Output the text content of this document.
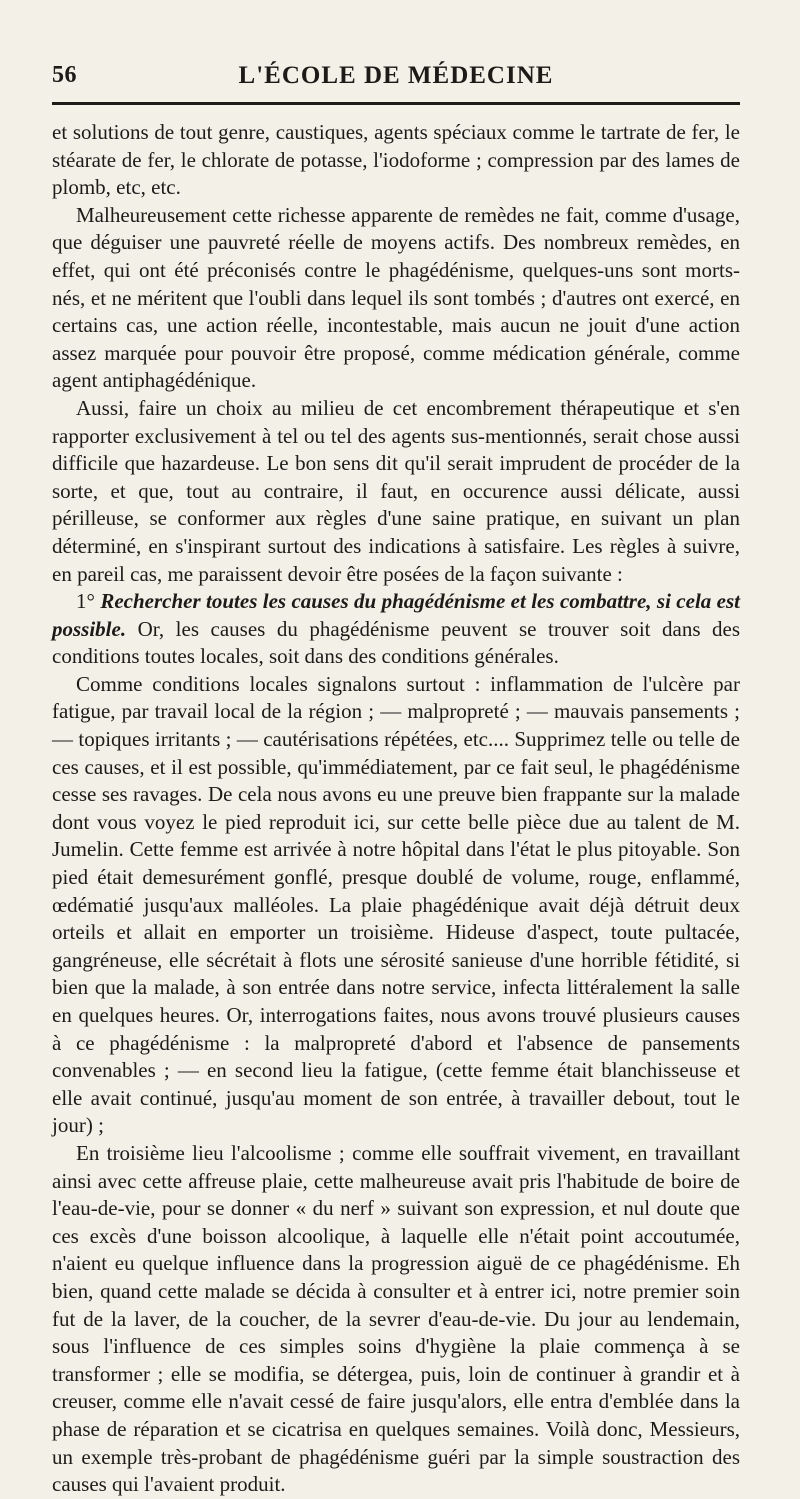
56	L'ÉCOLE DE MÉDECINE

et solutions de tout genre, caustiques, agents spéciaux comme le tartrate de fer, le stéarate de fer, le chlorate de potasse, l'iodoforme ; compression par des lames de plomb, etc, etc.

Malheureusement cette richesse apparente de remèdes ne fait, comme d'usage, que déguiser une pauvreté réelle de moyens actifs. Des nombreux remèdes, en effet, qui ont été préconisés contre le phagédénisme, quelques-uns sont morts-nés, et ne méritent que l'oubli dans lequel ils sont tombés ; d'autres ont exercé, en certains cas, une action réelle, incontestable, mais aucun ne jouit d'une action assez marquée pour pouvoir être proposé, comme médication générale, comme agent antiphagédénique.

Aussi, faire un choix au milieu de cet encombrement thérapeutique et s'en rapporter exclusivement à tel ou tel des agents sus-mentionnés, serait chose aussi difficile que hazardeuse. Le bon sens dit qu'il serait imprudent de procéder de la sorte, et que, tout au contraire, il faut, en occurence aussi délicate, aussi périlleuse, se conformer aux règles d'une saine pratique, en suivant un plan déterminé, en s'inspirant surtout des indications à satisfaire. Les règles à suivre, en pareil cas, me paraissent devoir être posées de la façon suivante :

1° Rechercher toutes les causes du phagédénisme et les combattre, si cela est possible. Or, les causes du phagédénisme peuvent se trouver soit dans des conditions toutes locales, soit dans des conditions générales.

Comme conditions locales signalons surtout : inflammation de l'ulcère par fatigue, par travail local de la région ; — malpropreté ; — mauvais pansements ; — topiques irritants ; — cautérisations répétées, etc.... Supprimez telle ou telle de ces causes, et il est possible, qu'immédiatement, par ce fait seul, le phagédénisme cesse ses ravages. De cela nous avons eu une preuve bien frappante sur la malade dont vous voyez le pied reproduit ici, sur cette belle pièce due au talent de M. Jumelin. Cette femme est arrivée à notre hôpital dans l'état le plus pitoyable. Son pied était demesurément gonflé, presque doublé de volume, rouge, enflammé, œdématié jusqu'aux malléoles. La plaie phagédénique avait déjà détruit deux orteils et allait en emporter un troisième. Hideuse d'aspect, toute pultacée, gangréneuse, elle sécrétait à flots une sérosité sanieuse d'une horrible fétidité, si bien que la malade, à son entrée dans notre service, infecta littéralement la salle en quelques heures. Or, interrogations faites, nous avons trouvé plusieurs causes à ce phagédénisme : la malpropreté d'abord et l'absence de pansements convenables ; — en second lieu la fatigue, (cette femme était blanchisseuse et elle avait continué, jusqu'au moment de son entrée, à travailler debout, tout le jour) ;

En troisième lieu l'alcoolisme ; comme elle souffrait vivement, en travaillant ainsi avec cette affreuse plaie, cette malheureuse avait pris l'habitude de boire de l'eau-de-vie, pour se donner « du nerf » suivant son expression, et nul doute que ces excès d'une boisson alcoolique, à laquelle elle n'était point accoutumée, n'aient eu quelque influence dans la progression aiguë de ce phagédénisme. Eh bien, quand cette malade se décida à consulter et à entrer ici, notre premier soin fut de la laver, de la coucher, de la sevrer d'eau-de-vie. Du jour au lendemain, sous l'influence de ces simples soins d'hygiène la plaie commença à se transformer ; elle se modifia, se détergea, puis, loin de continuer à grandir et à creuser, comme elle n'avait cessé de faire jusqu'alors, elle entra d'emblée dans la phase de réparation et se cicatrisa en quelques semaines. Voilà donc, Messieurs, un exemple très-probant de phagédénisme guéri par la simple soustraction des causes qui l'avaient produit.
